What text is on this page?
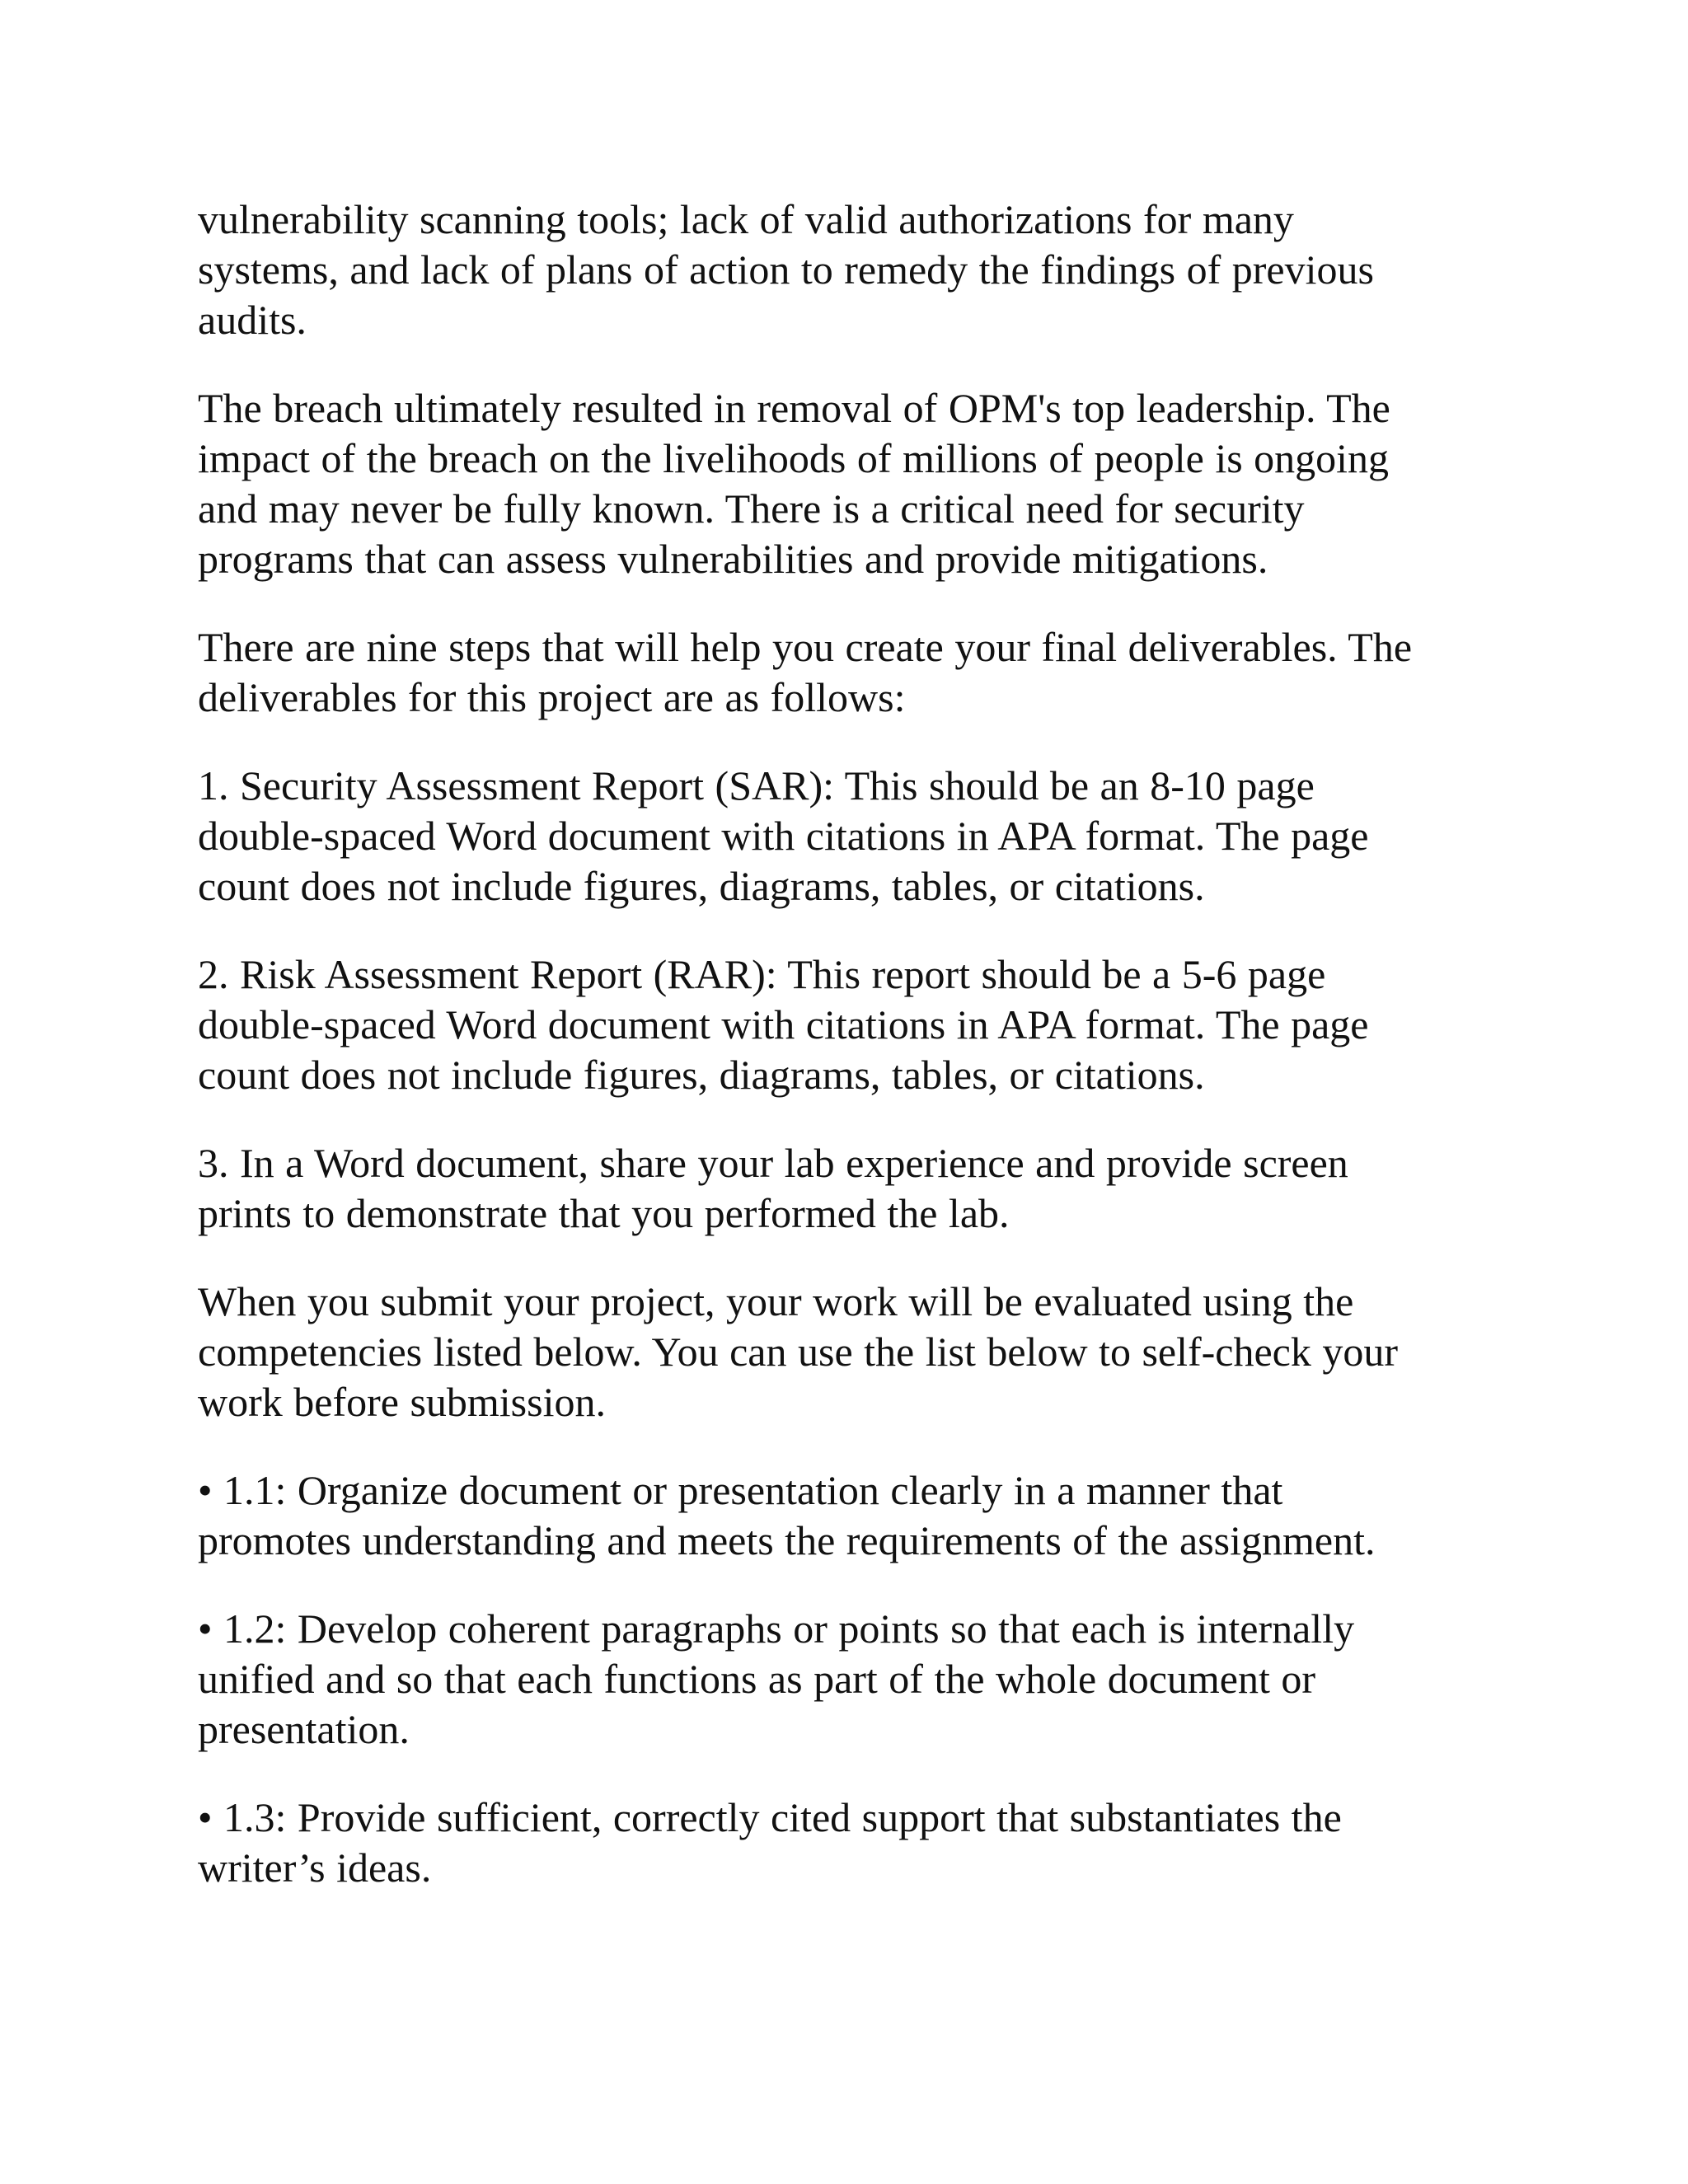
vulnerability scanning tools; lack of valid authorizations for many
systems, and lack of plans of action to remedy the findings of previous
audits.

The breach ultimately resulted in removal of OPM's top leadership. The
impact of the breach on the livelihoods of millions of people is ongoing
and may never be fully known. There is a critical need for security
programs that can assess vulnerabilities and provide mitigations.

There are nine steps that will help you create your final deliverables. The
deliverables for this project are as follows:

1. Security Assessment Report (SAR): This should be an 8-10 page
double-spaced Word document with citations in APA format. The page
count does not include figures, diagrams, tables, or citations.

2. Risk Assessment Report (RAR): This report should be a 5-6 page
double-spaced Word document with citations in APA format. The page
count does not include figures, diagrams, tables, or citations.

3. In a Word document, share your lab experience and provide screen
prints to demonstrate that you performed the lab.

When you submit your project, your work will be evaluated using the
competencies listed below. You can use the list below to self-check your
work before submission.

• 1.1: Organize document or presentation clearly in a manner that
promotes understanding and meets the requirements of the assignment.

• 1.2: Develop coherent paragraphs or points so that each is internally
unified and so that each functions as part of the whole document or
presentation.

• 1.3: Provide sufficient, correctly cited support that substantiates the
writer’s ideas.
